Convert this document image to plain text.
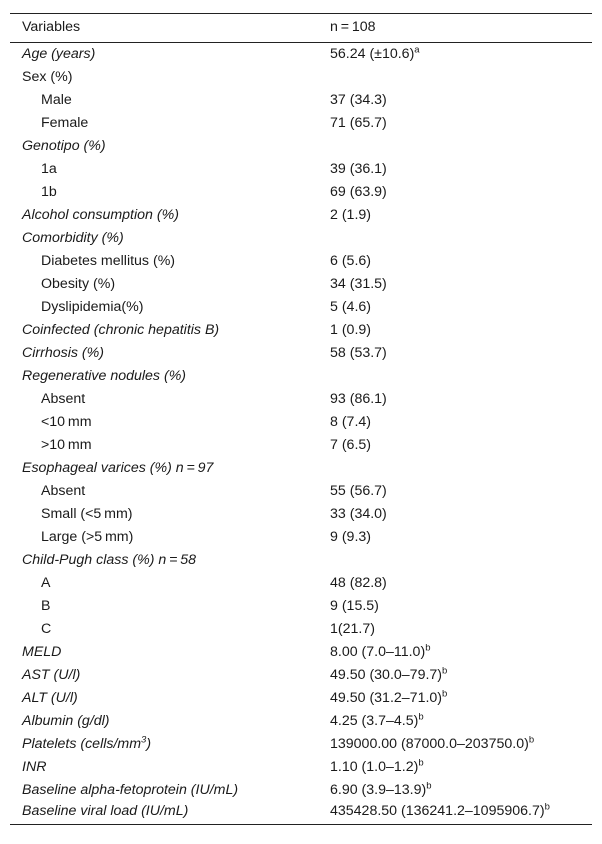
Variables	n = 108
Age (years)	56.24 $(\pm 10.6)^a$
Sex (%)	
Male	37 (34.3)
Female	71 (65.7)
Genotipo (%)	
1a	39 (36.1)
1b	69 (63.9)
Alcohol consumption (%)	2 (1.9)
Comorbidity (%)	
Diabetes mellitus (%)	6 (5.6)
Obesity (%)	34 (31.5)
Dyslipidemia(%)	5 (4.6)
Coinfected (chronic hepatitis B)	1 (0.9)
Cirrhosis (%)	58 (53.7)
Regenerative nodules (%)	
Absent	93 (86.1)
<10 mm	8 (7.4)
>10 mm	7 (6.5)
Esophageal varices (%) n = 97	
Absent	55 (56.7)
Small (<5 mm)	33 (34.0)
Large (>5 mm)	9 (9.3)
Child-Pugh class (%) n = 58	
A	48 (82.8)
B	9 (15.5)
C	1(21.7)
MELD	8.00 $(7.0-11.0)^b$
AST (U/l)	49.50 $(30.0-79.7)^b$
ALT (U/l)	49.50 $(31.2-71.0)^b$
Albumin (g/dl)	4.25 $(3.7-4.5)^b$
Platelets $(cells/mm^3)$	139000.00 $(87000.0-203750.0)^b$
INR	1.10 $(1.0-1.2)^b$
Baseline alpha-fetoprotein (IU/mL)	6.90 $(3.9-13.9)^b$
Baseline viral load (IU/mL)	435428.50 $(136241.2-1095906.7)^b$
